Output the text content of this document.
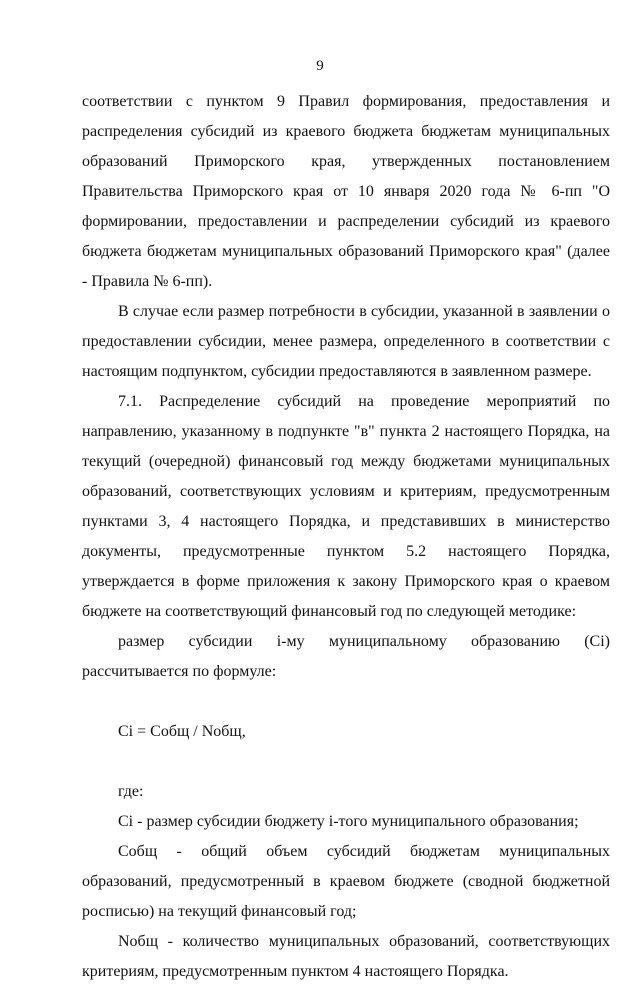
9

соответствии с пунктом 9 Правил формирования, предоставления и распределения субсидий из краевого бюджета бюджетам муниципальных образований Приморского края, утвержденных постановлением Правительства Приморского края от 10 января 2020 года № 6-пп "О формировании, предоставлении и распределении субсидий из краевого бюджета бюджетам муниципальных образований Приморского края" (далее - Правила № 6-пп).

В случае если размер потребности в субсидии, указанной в заявлении о предоставлении субсидии, менее размера, определенного в соответствии с настоящим подпунктом, субсидии предоставляются в заявленном размере.

7.1. Распределение субсидий на проведение мероприятий по направлению, указанному в подпункте "в" пункта 2 настоящего Порядка, на текущий (очередной) финансовый год между бюджетами муниципальных образований, соответствующих условиям и критериям, предусмотренным пунктами 3, 4 настоящего Порядка, и представивших в министерство документы, предусмотренные пунктом 5.2 настоящего Порядка, утверждается в форме приложения к закону Приморского края о краевом бюджете на соответствующий финансовый год по следующей методике:

размер субсидии i-му муниципальному образованию (Ci) рассчитывается по формуле:

Ci = Cобщ / Nобщ,

где:

Ci - размер субсидии бюджету i-того муниципального образования;

Cобщ - общий объем субсидий бюджетам муниципальных образований, предусмотренный в краевом бюджете (сводной бюджетной росписью) на текущий финансовый год;

Nобщ - количество муниципальных образований, соответствующих критериям, предусмотренным пунктом 4 настоящего Порядка.
